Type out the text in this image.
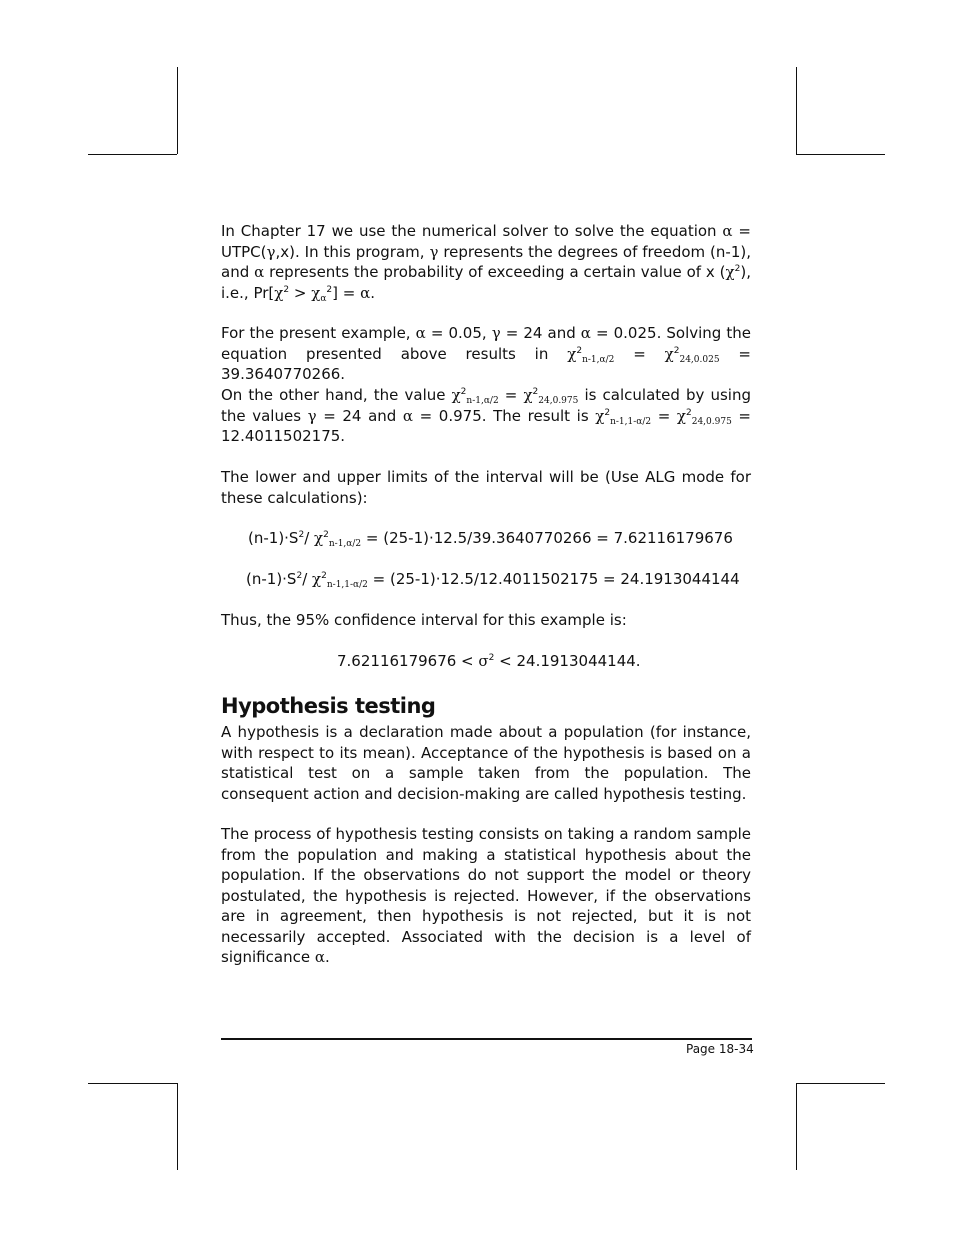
In Chapter 17 we use the numerical solver to solve the equation α = UTPC(γ,x). In this program, γ represents the degrees of freedom (n-1), and α represents the probability of exceeding a certain value of x $(\chi^2)$, i.e., $Pr[\chi^2 > \chi_\alpha^2] = \alpha$.

For the present example, α = 0.05, γ = 24 and α = 0.025. Solving the equation presented above results in $\chi^2_{n-1,\alpha/2} = \chi^2_{24,0.025} = 39.3640770266$.

On the other hand, the value $\chi^2_{n-1,\alpha/2} = \chi^2_{24,0.975}$ is calculated by using the values γ = 24 and α = 0.975. The result is $\chi^2_{n-1,1-\alpha/2} = \chi^2_{24,0.975} = 12.4011502175$.

The lower and upper limits of the interval will be (Use ALG mode for these calculations):

$(n-1)\cdot S^2/$ $\chi^2_{n-1,\alpha/2} = (25-1)\cdot 12.5/39.3640770266 = 7.62116179676$
$(n-1)\cdot S^2/$ $\chi^2_{n-1,1-\alpha/2} = (25-1)\cdot 12.5/12.4011502175 = 24.1913044144$

Thus, the 95% confidence interval for this example is:

$7.62116179676 < \sigma^2 < 24.1913044144$.
Hypothesis testing

A hypothesis is a declaration made about a population (for instance, with respect to its mean). Acceptance of the hypothesis is based on a statistical test on a sample taken from the population. The consequent action and decision-making are called hypothesis testing.

The process of hypothesis testing consists on taking a random sample from the population and making a statistical hypothesis about the population. If the observations do not support the model or theory postulated, the hypothesis is rejected. However, if the observations are in agreement, then hypothesis is not rejected, but it is not necessarily accepted. Associated with the decision is a level of significance α.

Page 18-34
